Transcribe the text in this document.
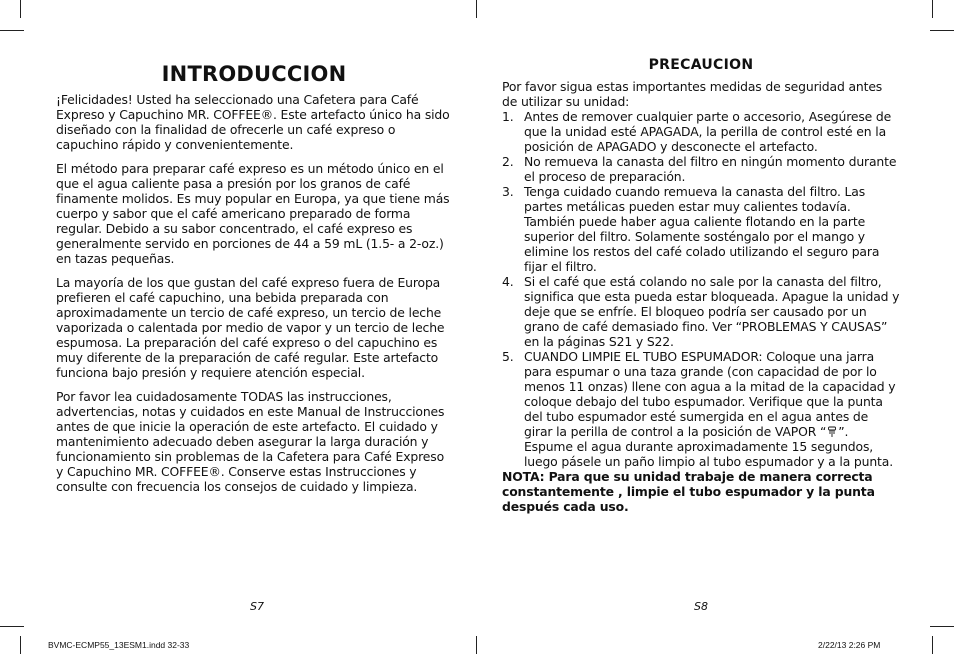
INTRODUCCION

¡Felicidades! Usted ha seleccionado una Cafetera para Café Expreso y Capuchino MR. COFFEE®. Este artefacto único ha sido diseñado con la finalidad de ofrecerle un café expreso o capuchino rápido y convenientemente.

El método para preparar café expreso es un método único en el que el agua caliente pasa a presión por los granos de café finamente molidos. Es muy popular en Europa, ya que tiene más cuerpo y sabor que el café americano preparado de forma regular. Debido a su sabor concentrado, el café expreso es generalmente servido en porciones de 44 a 59 mL (1.5- a 2-oz.) en tazas pequeñas.

La mayoría de los que gustan del café expreso fuera de Europa prefieren el café capuchino, una bebida preparada con aproximadamente un tercio de café expreso, un tercio de leche vaporizada o calentada por medio de vapor y un tercio de leche espumosa. La preparación del café expreso o del capuchino es muy diferente de la preparación de café regular. Este artefacto funciona bajo presión y requiere atención especial.

Por favor lea cuidadosamente TODAS las instrucciones, advertencias, notas y cuidados en este Manual de Instrucciones antes de que inicie la operación de este artefacto. El cuidado y mantenimiento adecuado deben asegurar la larga duración y funcionamiento sin problemas de la Cafetera para Café Expreso y Capuchino MR. COFFEE®. Conserve estas Instrucciones y consulte con frecuencia los consejos de cuidado y limpieza.

PRECAUCION

Por favor sigua estas importantes medidas de seguridad antes de utilizar su unidad:

1. Antes de remover cualquier parte o accesorio, Asegúrese de que la unidad esté APAGADA, la perilla de control esté en la posición de APAGADO y desconecte el artefacto.
2. No remueva la canasta del filtro en ningún momento durante el proceso de preparación.
3. Tenga cuidado cuando remueva la canasta del filtro. Las partes metálicas pueden estar muy calientes todavía. También puede haber agua caliente flotando en la parte superior del filtro. Solamente sosténgalo por el mango y elimine los restos del café colado utilizando el seguro para fijar el filtro.
4. Si el café que está colando no sale por la canasta del filtro, significa que esta pueda estar bloqueada. Apague la unidad y deje que se enfríe. El bloqueo podría ser causado por un grano de café demasiado fino. Ver “PROBLEMAS Y CAUSAS” en la páginas S21 y S22.
5. CUANDO LIMPIE EL TUBO ESPUMADOR: Coloque una jarra para espumar o una taza grande (con capacidad de por lo menos 11 onzas) llene con agua a la mitad de la capacidad y coloque debajo del tubo espumador. Verifique que la punta del tubo espumador esté sumergida en el agua antes de girar la perilla de control a la posición de VAPOR “ ”. Espume el agua durante aproximadamente 15 segundos, luego pásele un paño limpio al tubo espumador y a la punta.

NOTA: Para que su unidad trabaje de manera correcta constantemente , limpie el tubo espumador y la punta después cada uso.

S7	S8
BVMC-ECMP55_13ESM1.indd 32-33	2/22/13 2:26 PM
